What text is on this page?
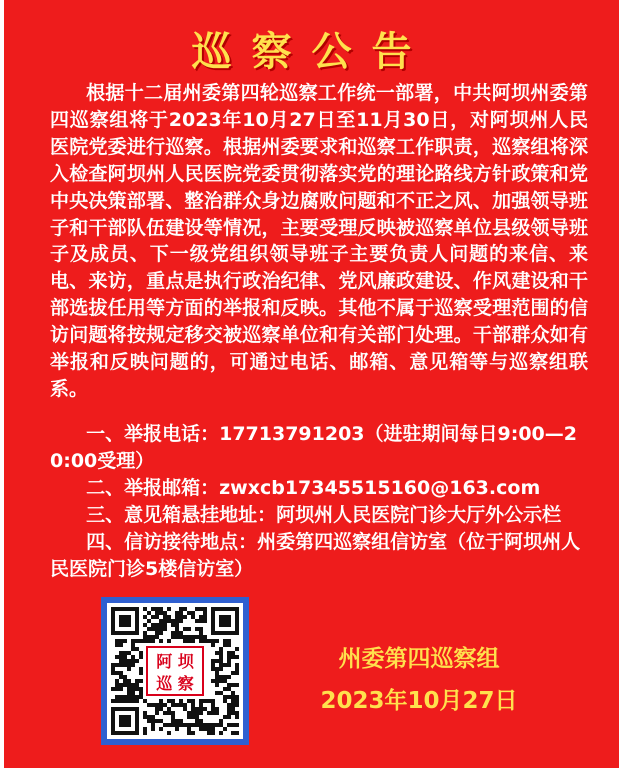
巡察公告
根据十二届州委第四轮巡察工作统一部署，中共阿坝州委第四巡察组将于2023年10月27日至11月30日，对阿坝州人民医院党委进行巡察。根据州委要求和巡察工作职责，巡察组将深入检查阿坝州人民医院党委贯彻落实党的理论路线方针政策和党中央决策部署、整治群众身边腐败问题和不正之风、加强领导班子和干部队伍建设等情况，主要受理反映被巡察单位县级领导班子及成员、下一级党组织领导班子主要负责人问题的来信、来电、来访，重点是执行政治纪律、党风廉政建设、作风建设和干部选拔任用等方面的举报和反映。其他不属于巡察受理范围的信访问题将按规定移交被巡察单位和有关部门处理。干部群众如有举报和反映问题的，可通过电话、邮箱、意见箱等与巡察组联系。

一、举报电话：17713791203（进驻期间每日9:00—20:00受理）

二、举报邮箱：zwxcb17345515160@163.com

三、意见箱悬挂地址：阿坝州人民医院门诊大厅外公示栏

四、信访接待地点：州委第四巡察组信访室（位于阿坝州人民医院门诊5楼信访室）

阿 坝
巡 察
州委第四巡察组
2023年10月27日
